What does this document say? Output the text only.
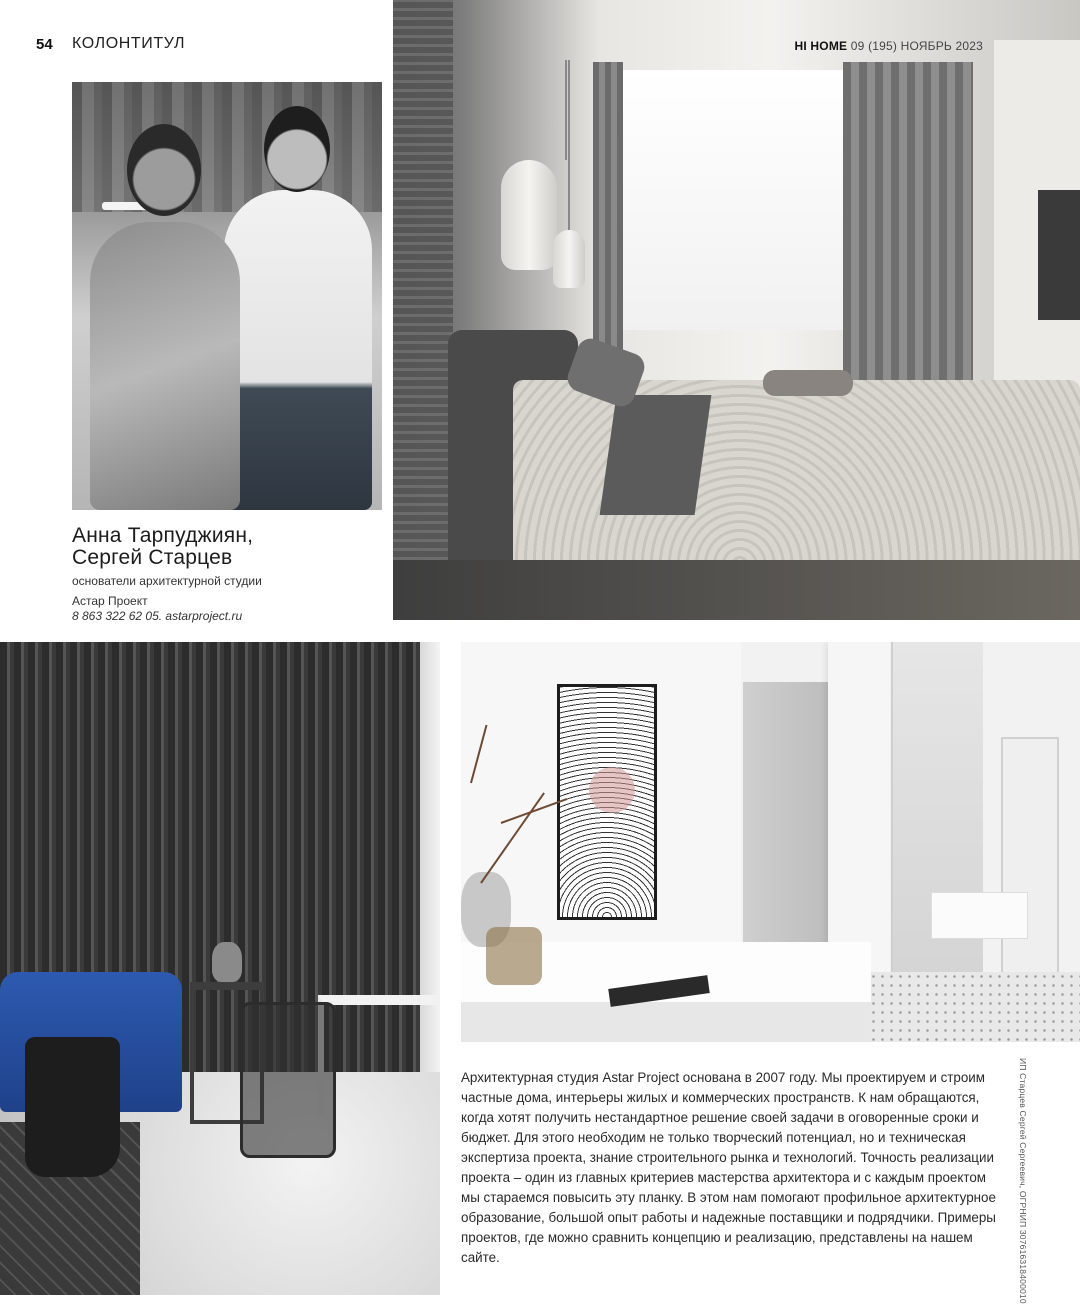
54 КОЛОНТИТУЛ	HI HOME 09 (195) НОЯБРЬ 2023
Анна Тарпуджиян,
Сергей Старцев
основатели архитектурной студии
Астар Проект
8 863 322 62 05. astarproject.ru

Архитектурная студия Astar Project основана в 2007 году. Мы проектируем и строим частные дома, интерьеры жилых и коммерческих пространств. К нам обращаются, когда хотят получить нестандартное решение своей задачи в оговоренные сроки и бюджет. Для этого необходим не только творческий потенциал, но и техническая экспертиза проекта, знание строительного рынка и технологий. Точность реализации проекта – один из главных критериев мастерства архитектора и с каждым проектом мы стараемся повысить эту планку. В этом нам помогают профильное архитектурное образование, большой опыт работы и надежные поставщики и подрядчики. Примеры проектов, где можно сравнить концепцию и реализацию, представлены на нашем сайте.	ИП Старцев Сергей Сергеевич, ОГРНИП 307616318400010
